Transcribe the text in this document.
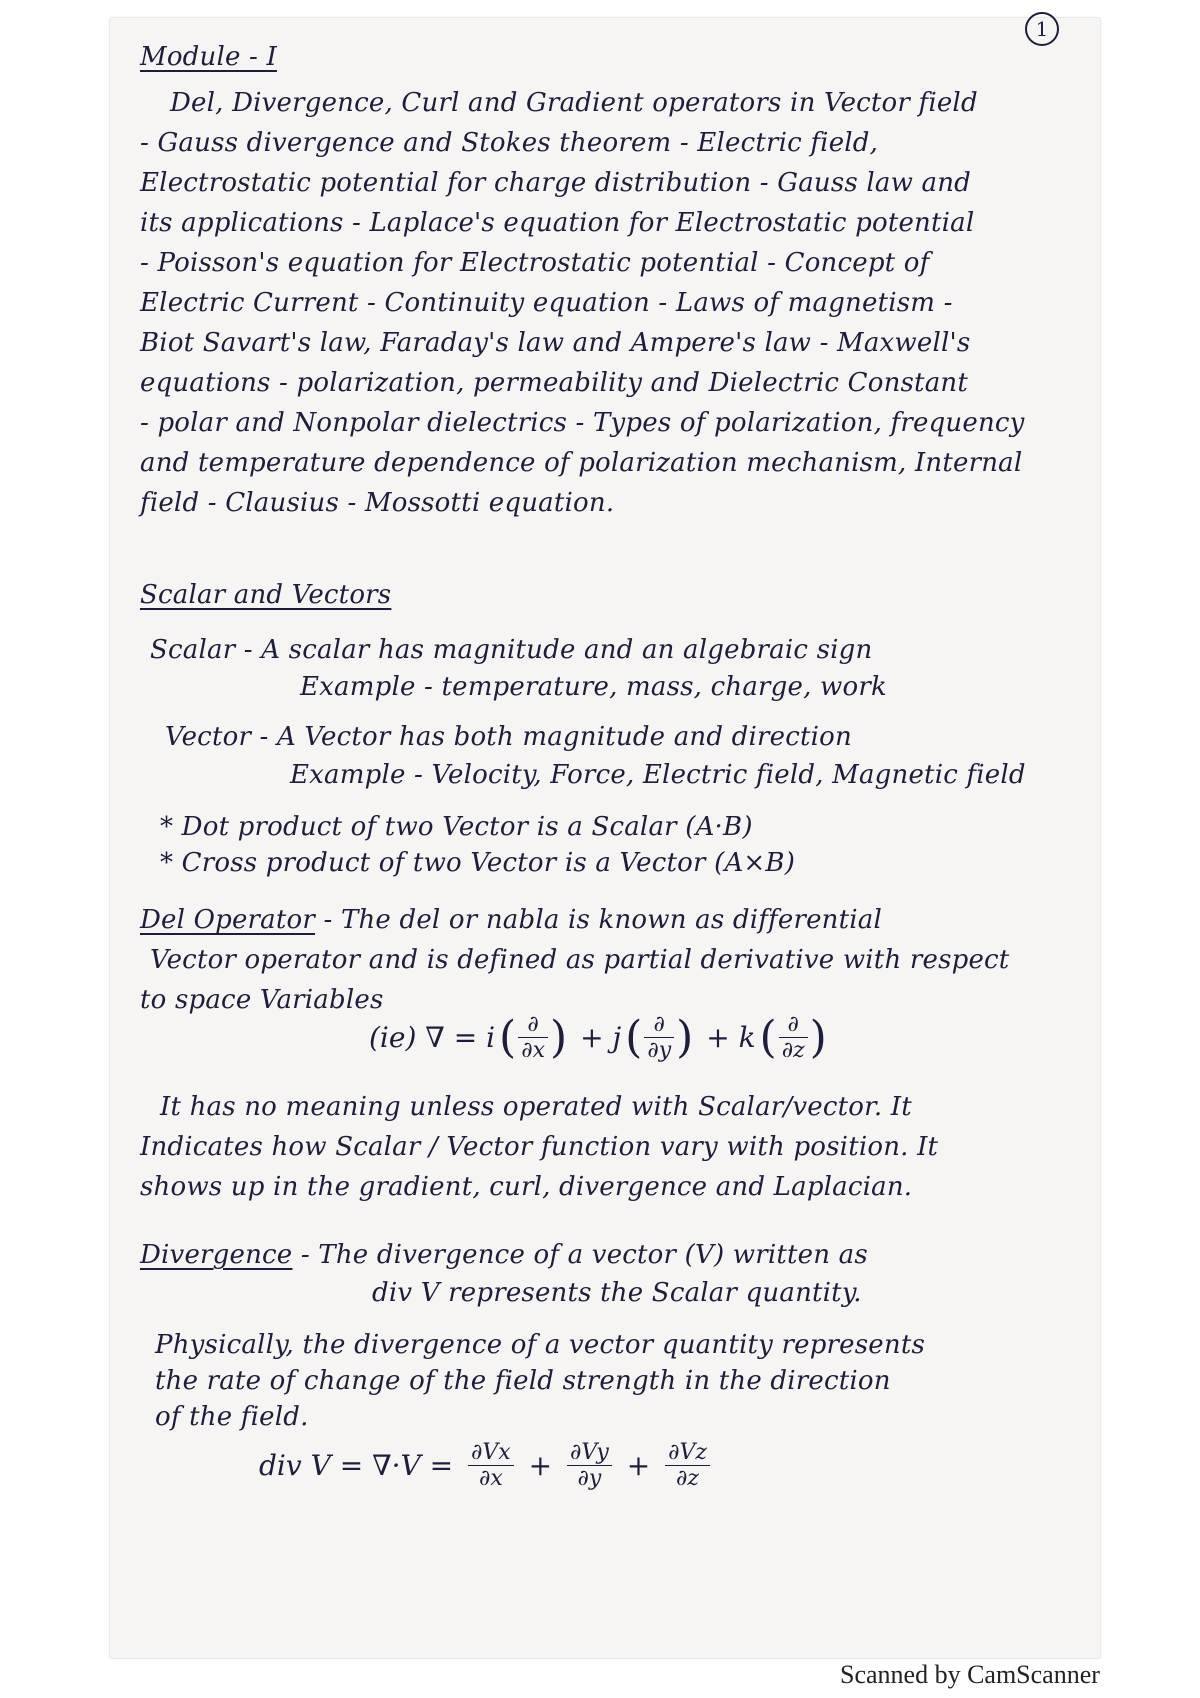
1
Module - I
Del, Divergence, Curl and Gradient operators in Vector field
- Gauss divergence and Stokes theorem - Electric field,
Electrostatic potential for charge distribution - Gauss law and
its applications - Laplace's equation for Electrostatic potential
- Poisson's equation for Electrostatic potential - Concept of
Electric Current - Continuity equation - Laws of magnetism -
Biot Savart's law, Faraday's law and Ampere's law - Maxwell's
equations - polarization, permeability and Dielectric Constant
- polar and Nonpolar dielectrics - Types of polarization, frequency
and temperature dependence of polarization mechanism, Internal
field - Clausius - Mossotti equation.
Scalar and Vectors
Scalar - A scalar has magnitude and an algebraic sign
Example - temperature, mass, charge, work
Vector - A Vector has both magnitude and direction
Example - Velocity, Force, Electric field, Magnetic field
* Dot product of two Vector is a Scalar (A·B)
* Cross product of two Vector is a Vector (A×B)
Del Operator - The del or nabla is known as differential
Vector operator and is defined as partial derivative with respect
to space Variables
(ie) ∇ = $i( \frac{\partial}{\partial x}$ ) + $j( \frac{\partial}{\partial y}$ ) + $k( \frac{\partial}{\partial z}$ )
It has no meaning unless operated with Scalar/vector. It
Indicates how Scalar / Vector function vary with position. It
shows up in the gradient, curl, divergence and Laplacian.
Divergence - The divergence of a vector (V) written as
div V represents the Scalar quantity.
Physically, the divergence of a vector quantity represents
the rate of change of the field strength in the direction
of the field.
div $V = \nabla\cdot V = \frac{\partial Vx}{\partial x} + \frac{\partial Vy}{\partial y} + \frac{\partial Vz}{\partial z}$
Scanned by CamScanner
